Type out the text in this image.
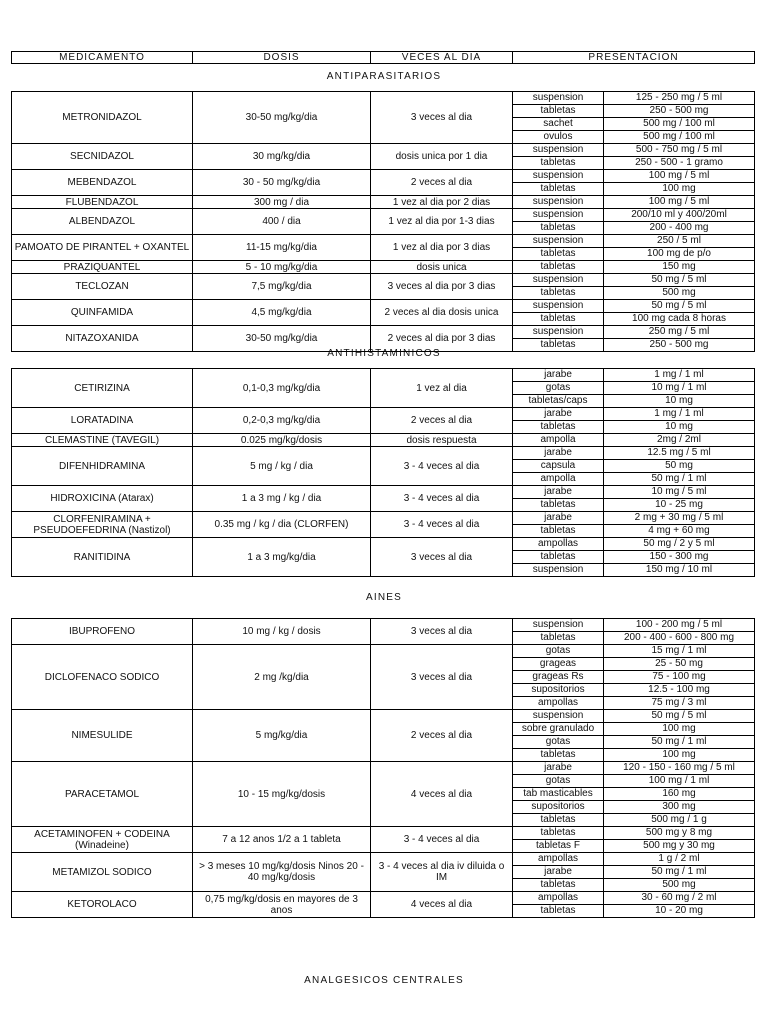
MEDICAMENTO	DOSIS	VECES AL DIA	PRESENTACION
ANTIPARASITARIOS
ANTIHISTAMINICOS
AINES
ANALGESICOS CENTRALES
METRONIDAZOL	30-50 mg/kg/dia	3 veces al dia	suspension	125 - 250 mg / 5 ml
			tabletas	250 - 500 mg
			sachet	500 mg / 100 ml
			ovulos	500 mg / 100 ml
SECNIDAZOL	30 mg/kg/dia	dosis unica por 1 dia	suspension	500 - 750 mg / 5 ml
			tabletas	250 - 500 - 1 gramo
MEBENDAZOL	30 - 50 mg/kg/dia	2 veces al dia	suspension	100 mg / 5 ml
			tabletas	100 mg
FLUBENDAZOL	300 mg / dia	1 vez al dia por 2 dias	suspension	100 mg / 5 ml
ALBENDAZOL	400 / dia	1 vez al dia por 1-3 dias	suspension	200/10 ml y 400/20ml
			tabletas	200 - 400 mg
PAMOATO DE PIRANTEL + OXANTEL	11-15 mg/kg/dia	1 vez al dia por 3 dias	suspension	250 / 5 ml
			tabletas	100 mg de p/o
PRAZIQUANTEL	5 - 10 mg/kg/dia	dosis unica	tabletas	150 mg
TECLOZAN	7,5 mg/kg/dia	3 veces al dia por 3 dias	suspension	50 mg / 5 ml
			tabletas	500 mg
QUINFAMIDA	4,5 mg/kg/dia	2 veces al dia dosis unica	suspension	50 mg / 5 ml
			tabletas	100 mg cada 8 horas
NITAZOXANIDA	30-50 mg/kg/dia	2 veces al dia por 3 dias	suspension	250 mg / 5 ml
			tabletas	250 - 500 mg
CETIRIZINA	0,1-0,3 mg/kg/dia	1 vez al dia	jarabe	1 mg / 1 ml
			gotas	10 mg / 1 ml
			tabletas/caps	10 mg
LORATADINA	0,2-0,3 mg/kg/dia	2 veces al dia	jarabe	1 mg / 1 ml
			tabletas	10 mg
CLEMASTINE (TAVEGIL)	0.025 mg/kg/dosis	dosis respuesta	ampolla	2mg / 2ml
DIFENHIDRAMINA	5 mg / kg / dia	3 - 4 veces al dia	jarabe	12.5 mg / 5 ml
			capsula	50 mg
			ampolla	50 mg / 1 ml
HIDROXICINA (Atarax)	1 a 3 mg / kg / dia	3 - 4 veces al dia	jarabe	10 mg / 5 ml
			tabletas	10 - 25 mg
CLORFENIRAMINA + PSEUDOEFEDRINA (Nastizol)	0.35 mg / kg / dia (CLORFEN)	3 - 4 veces al dia	jarabe	2 mg + 30 mg / 5 ml
			tabletas	4 mg + 60 mg
RANITIDINA	1 a 3 mg/kg/dia	3 veces al dia	ampollas	50 mg / 2 y 5 ml
			tabletas	150 - 300 mg
			suspension	150 mg / 10 ml
IBUPROFENO	10 mg / kg / dosis	3 veces al dia	suspension	100 - 200 mg / 5 ml
			tabletas	200 - 400 - 600 - 800 mg
DICLOFENACO SODICO	2 mg /kg/dia	3 veces al dia	gotas	15 mg / 1 ml
			grageas	25 - 50 mg
			grageas Rs	75 - 100 mg
			supositorios	12.5 - 100 mg
			ampollas	75 mg / 3 ml
NIMESULIDE	5 mg/kg/dia	2 veces al dia	suspension	50 mg / 5 ml
			sobre granulado	100 mg
			gotas	50 mg / 1 ml
			tabletas	100 mg
PARACETAMOL	10 - 15 mg/kg/dosis	4 veces al dia	jarabe	120 - 150 - 160 mg / 5 ml
			gotas	100 mg / 1 ml
			tab masticables	160 mg
			supositorios	300 mg
			tabletas	500 mg / 1 g
ACETAMINOFEN + CODEINA (Winadeine)	7 a 12 anos 1/2 a 1 tableta	3 - 4 veces al dia	tabletas	500 mg y 8 mg
			tabletas F	500 mg y 30 mg
METAMIZOL SODICO	> 3 meses 10 mg/kg/dosis Ninos 20 - 40 mg/kg/dosis	3 - 4 veces al dia iv diluida o IM	ampollas	1 g / 2 ml
			jarabe	50 mg / 1 ml
			tabletas	500 mg
KETOROLACO	0,75 mg/kg/dosis en mayores de 3 anos	4 veces al dia	ampollas	30 - 60 mg / 2 ml
			tabletas	10 - 20 mg
